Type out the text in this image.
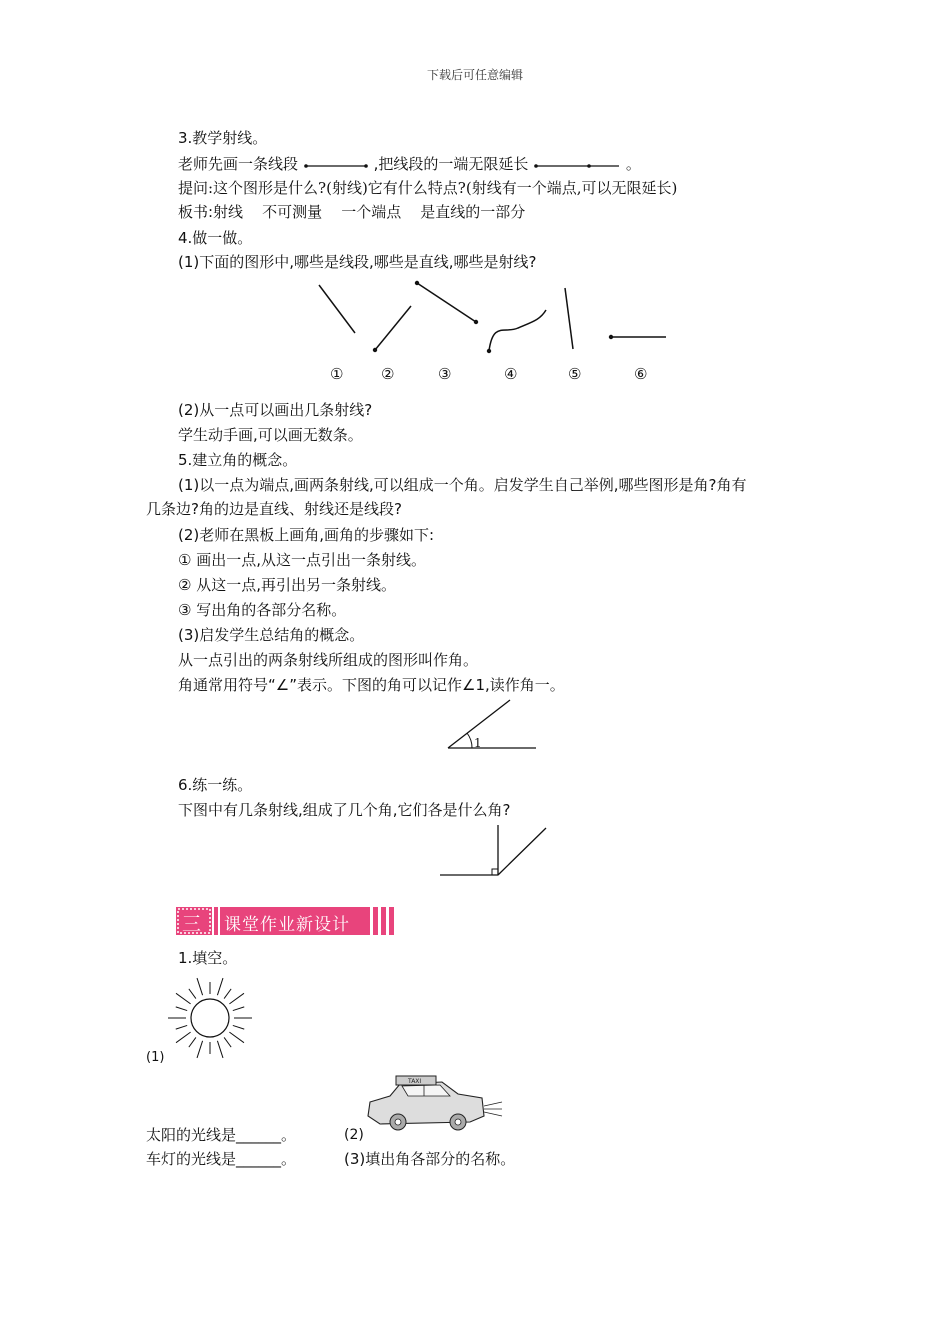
下载后可任意编辑
3.教学射线。
老师先画一条线段	,把线段的一端无限延长	。
提问:这个图形是什么?(射线)它有什么特点?(射线有一个端点,可以无限延长)
板书:射线    不可测量    一个端点    是直线的一部分
4.做一做。
(1)下面的图形中,哪些是线段,哪些是直线,哪些是射线?
①	②	③	④	⑤	⑥
(2)从一点可以画出几条射线?
学生动手画,可以画无数条。
5.建立角的概念。
(1)以一点为端点,画两条射线,可以组成一个角。启发学生自己举例,哪些图形是角?角有
几条边?角的边是直线、射线还是线段?
(2)老师在黑板上画角,画角的步骤如下:
① 画出一点,从这一点引出一条射线。
② 从这一点,再引出另一条射线。
③ 写出角的各部分名称。
(3)启发学生总结角的概念。
从一点引出的两条射线所组成的图形叫作角。
角通常用符号“∠”表示。下图的角可以记作∠1,读作角一。
1
6.练一练。
下图中有几条射线,组成了几个角,它们各是什么角?
三 课堂作业新设计
1.填空。
(1)
TAXI
太阳的光线是______。	(2)
车灯的光线是______。	(3)填出角各部分的名称。
